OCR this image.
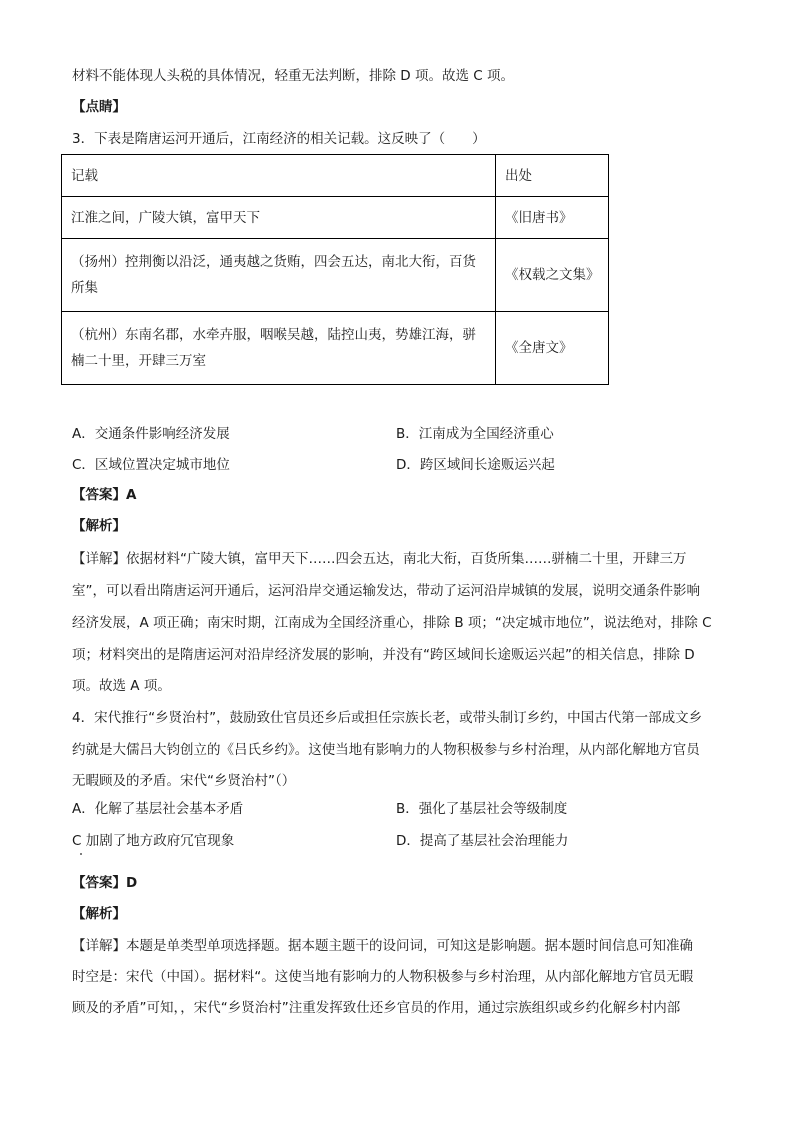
材料不能体现人头税的具体情况，轻重无法判断，排除 D 项。故选 C 项。
【点睛】
3．下表是隋唐运河开通后，江南经济的相关记载。这反映了（　　）
记载	出处
江淮之间，广陵大镇，富甲天下	《旧唐书》
（扬州）控荆衡以沿泛，通夷越之货贿，四会五达，南北大衔，百货
所集	《权载之文集》
（杭州）东南名郡，水牵卉服，咽喉吴越，陆控山夷，势雄江海，骈
楠二十里，开肆三万室	《全唐文》
A．交通条件影响经济发展	B．江南成为全国经济重心
C．区域位置决定城市地位	D．跨区域间长途贩运兴起
【答案】A
【解析】
【详解】依据材料“广陵大镇，富甲天下……四会五达，南北大衔，百货所集……骈楠二十里，开肆三万
室”，可以看出隋唐运河开通后，运河沿岸交通运输发达，带动了运河沿岸城镇的发展，说明交通条件影响
经济发展，A 项正确；南宋时期，江南成为全国经济重心，排除 B 项；“决定城市地位”，说法绝对，排除 C
项；材料突出的是隋唐运河对沿岸经济发展的影响，并没有“跨区域间长途贩运兴起”的相关信息，排除 D
项。故选 A 项。
4．宋代推行“乡贤治村”，鼓励致仕官员还乡后或担任宗族长老，或带头制订乡约，中国古代第一部成文乡
约就是大儒吕大钧创立的《吕氏乡约》。这使当地有影响力的人物积极参与乡村治理，从内部化解地方官员
无暇顾及的矛盾。宋代“乡贤治村”（）
A．化解了基层社会基本矛盾	B．强化了基层社会等级制度
C 加剧了地方政府冗官现象	D．提高了基层社会治理能力
【答案】D
【解析】
【详解】本题是单类型单项选择题。据本题主题干的设问词，可知这是影响题。据本题时间信息可知准确
时空是：宋代（中国）。据材料“。这使当地有影响力的人物积极参与乡村治理，从内部化解地方官员无暇
顾及的矛盾”可知，，宋代“乡贤治村”注重发挥致仕还乡官员的作用，通过宗族组织或乡约化解乡村内部
